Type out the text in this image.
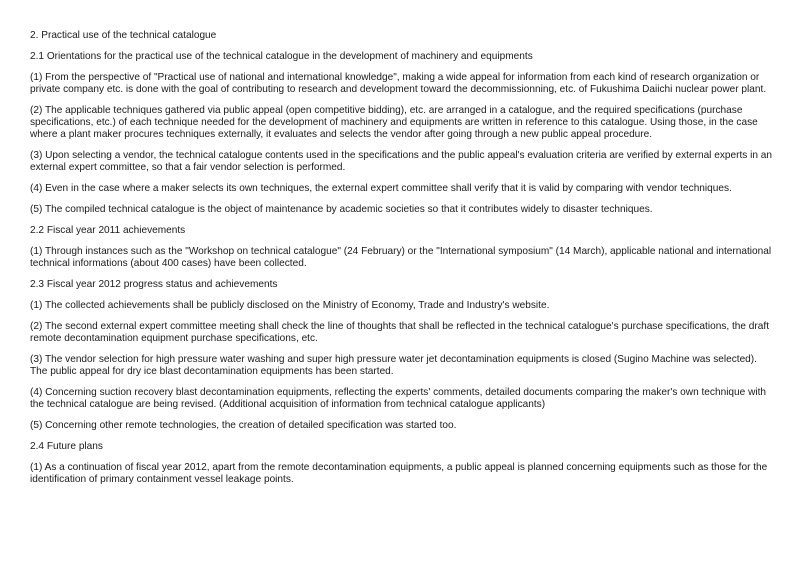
2. Practical use of the technical catalogue

2.1 Orientations for the practical use of the technical catalogue in the development of machinery and equipments

(1) From the perspective of "Practical use of national and international knowledge", making a wide appeal for information from each kind of research organization or private company etc. is done with the goal of contributing to research and development toward the decommissionning, etc. of Fukushima Daiichi nuclear power plant.

(2) The applicable techniques gathered via public appeal (open competitive bidding), etc. are arranged in a catalogue, and the required specifications (purchase specifications, etc.) of each technique needed for the development of machinery and equipments are written in reference to this catalogue. Using those, in the case where a plant maker procures techniques externally, it evaluates and selects the vendor after going through a new public appeal procedure.

(3) Upon selecting a vendor, the technical catalogue contents used in the specifications and the public appeal's evaluation criteria are verified by external experts in an external expert committee, so that a fair vendor selection is performed.

(4) Even in the case where a maker selects its own techniques, the external expert committee shall verify that it is valid by comparing with vendor techniques.

(5) The compiled technical catalogue is the object of maintenance by academic societies so that it contributes widely to disaster techniques.

2.2 Fiscal year 2011 achievements

(1) Through instances such as the "Workshop on technical catalogue" (24 February) or the "International symposium" (14 March), applicable national and international technical informations (about 400 cases) have been collected.

2.3 Fiscal year 2012 progress status and achievements

(1) The collected achievements shall be publicly disclosed on the Ministry of Economy, Trade and Industry's website.

(2) The second external expert committee meeting shall check the line of thoughts that shall be reflected in the technical catalogue's purchase specifications, the draft remote decontamination equipment purchase specifications, etc.

(3) The vendor selection for high pressure water washing and super high pressure water jet decontamination equipments is closed (Sugino Machine was selected). The public appeal for dry ice blast decontamination equipments has been started.

(4) Concerning suction recovery blast decontamination equipments, reflecting the experts' comments, detailed documents comparing the maker's own technique with the technical catalogue are being revised. (Additional acquisition of information from technical catalogue applicants)

(5) Concerning other remote technologies, the creation of detailed specification was started too.

2.4 Future plans

(1) As a continuation of fiscal year 2012, apart from the remote decontamination equipments, a public appeal is planned concerning equipments such as those for the identification of primary containment vessel leakage points.
